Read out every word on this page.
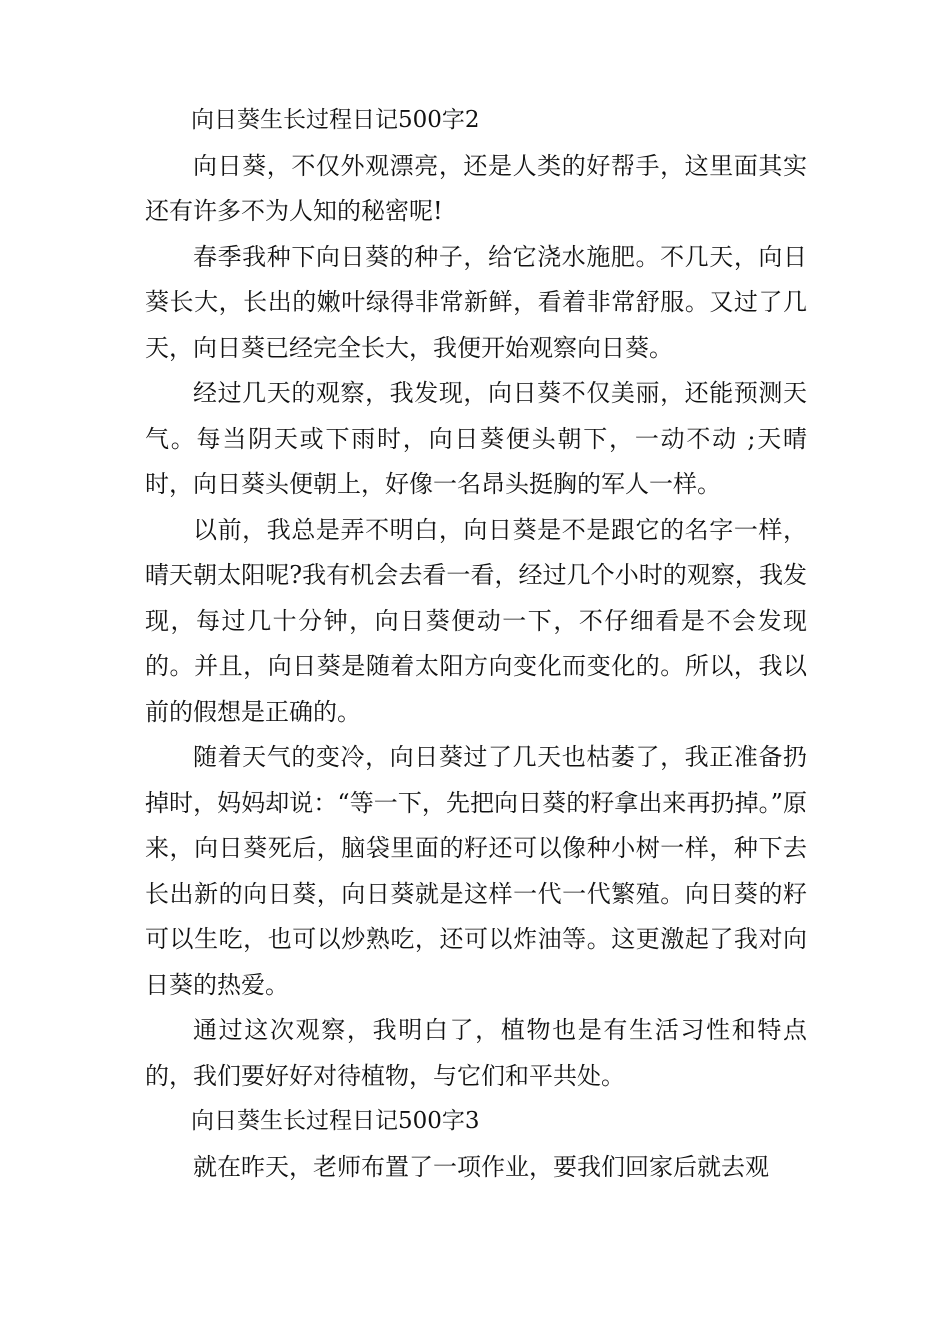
向日葵生长过程日记500字2

向日葵，不仅外观漂亮，还是人类的好帮手，这里面其实还有许多不为人知的秘密呢!

春季我种下向日葵的种子，给它浇水施肥。不几天，向日葵长大，长出的嫩叶绿得非常新鲜，看着非常舒服。又过了几天，向日葵已经完全长大，我便开始观察向日葵。

经过几天的观察，我发现，向日葵不仅美丽，还能预测天气。每当阴天或下雨时，向日葵便头朝下，一动不动 ;天晴时，向日葵头便朝上，好像一名昂头挺胸的军人一样。

以前，我总是弄不明白，向日葵是不是跟它的名字一样，晴天朝太阳呢?我有机会去看一看，经过几个小时的观察，我发现，每过几十分钟，向日葵便动一下，不仔细看是不会发现的。并且，向日葵是随着太阳方向变化而变化的。所以，我以前的假想是正确的。

随着天气的变冷，向日葵过了几天也枯萎了，我正准备扔掉时，妈妈却说：“等一下，先把向日葵的籽拿出来再扔掉。”原来，向日葵死后，脑袋里面的籽还可以像种小树一样，种下去长出新的向日葵，向日葵就是这样一代一代繁殖。向日葵的籽可以生吃，也可以炒熟吃，还可以炸油等。这更激起了我对向日葵的热爱。

通过这次观察，我明白了，植物也是有生活习性和特点的，我们要好好对待植物，与它们和平共处。

向日葵生长过程日记500字3

就在昨天，老师布置了一项作业，要我们回家后就去观
